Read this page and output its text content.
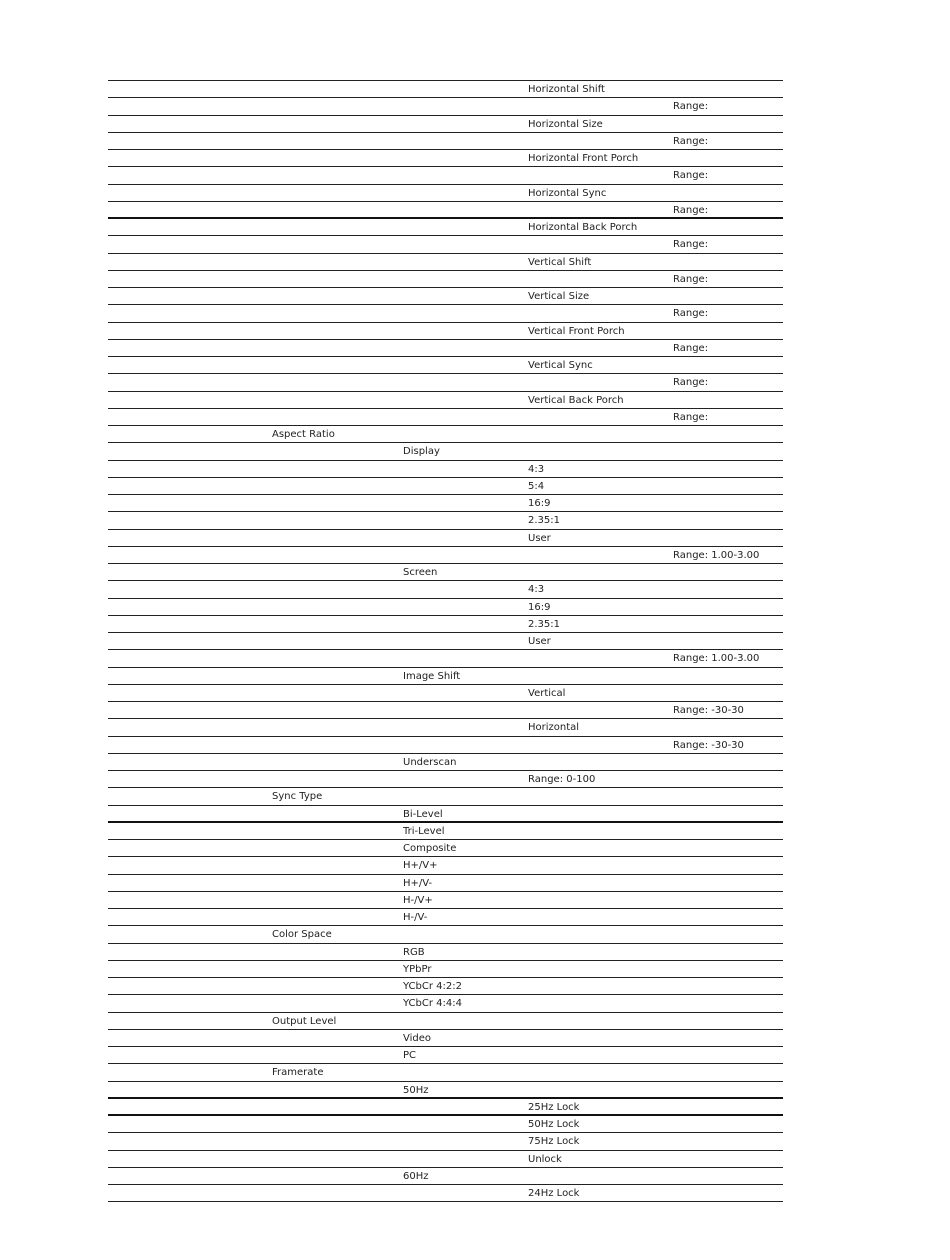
Horizontal Shift
Range:
Horizontal Size
Range:
Horizontal Front Porch
Range:
Horizontal Sync
Range:
Horizontal Back Porch
Range:
Vertical Shift
Range:
Vertical Size
Range:
Vertical Front Porch
Range:
Vertical Sync
Range:
Vertical Back Porch
Range:
Aspect Ratio
Display
4:3
5:4
16:9
2.35:1
User
Range: 1.00-3.00
Screen
4:3
16:9
2.35:1
User
Range: 1.00-3.00
Image Shift
Vertical
Range: -30-30
Horizontal
Range: -30-30
Underscan
Range: 0-100
Sync Type
Bi-Level
Tri-Level
Composite
H+/V+
H+/V-
H-/V+
H-/V-
Color Space
RGB
YPbPr
YCbCr 4:2:2
YCbCr 4:4:4
Output Level
Video
PC
Framerate
50Hz
25Hz Lock
50Hz Lock
75Hz Lock
Unlock
60Hz
24Hz Lock
